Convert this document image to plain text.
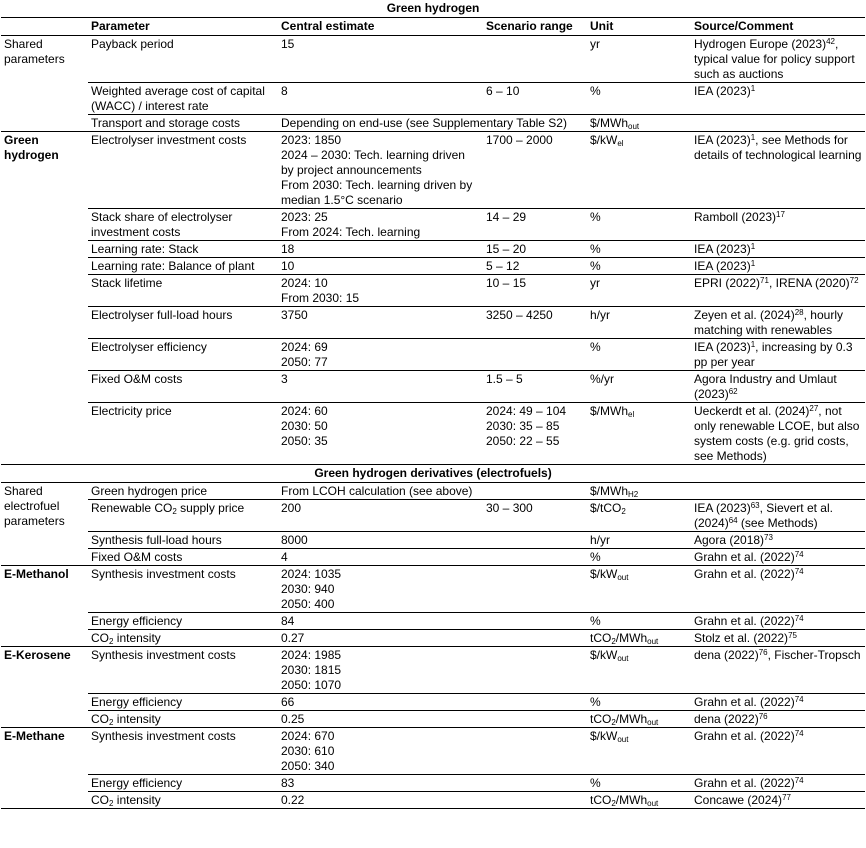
Green hydrogen					
	Parameter	Central estimate	Scenario range	Unit	Source/Comment
Shared parameters	Payback period	15		yr	Hydrogen Europe $(2023)^{42}$, typical value for policy support such as auctions
	Weighted average cost of capital (WACC) / interest rate	8	6 – 10	%	IEA $(2023)^1$
	Transport and storage costs	Depending on end-use (see Supplementary Table S2)		$/MWh$_{out}$	
Green hydrogen	Electrolyser investment costs	2023: 1850
2024 – 2030: Tech. learning driven by project announcements
From 2030: Tech. learning driven by median 1.5°C scenario	1700 – 2000	$\$/kW_{el}$	IEA $(2023)^1$, see Methods for details of technological learning
	Stack share of electrolyser investment costs	2023: 25
From 2024: Tech. learning	14 – 29	%	Ramboll $(2023)^{17}$
	Learning rate: Stack	18	15 – 20	%	IEA $(2023)^1$
	Learning rate: Balance of plant	10	5 – 12	%	IEA $(2023)^1$
	Stack lifetime	2024: 10
From 2030: 15	10 – 15	yr	EPRI $(2022)^{71}$, IRENA $(2020)^{72}$
	Electrolyser full-load hours	3750	3250 – 4250	h/yr	Zeyen et al. $(2024)^{28}$, hourly matching with renewables
	Electrolyser efficiency	2024: 69
2050: 77		%	IEA $(2023)^1$, increasing by 0.3 pp per year
	Fixed O&M costs	3	1.5 – 5	%/yr	Agora Industry and Umlaut $(2023)^{62}$
	Electricity price	2024: 60
2030: 50
2050: 35	2024: 49 – 104
2030: 35 – 85
2050: 22 – 55	$/MWh$_{el}$	Ueckerdt et al. $(2024)^{27}$, not only renewable LCOE, but also system costs (e.g. grid costs, see Methods)
Green hydrogen derivatives (electrofuels)					
Shared electrofuel parameters	Green hydrogen price	From LCOH calculation (see above)		$/MWh$_{H2}$	
	Renewable $CO_2$ supply price	200	30 – 300	$/tCO$_2$	IEA $(2023)^{63}$, Sievert et al. $(2024)^{64}$ (see Methods)
	Synthesis full-load hours	8000		h/yr	Agora $(2018)^{73}$
	Fixed O&M costs	4		%	Grahn et al. $(2022)^{74}$
E-Methanol	Synthesis investment costs	2024: 1035
2030: 940
2050: 400		$\$/kW_{out}$	Grahn et al. $(2022)^{74}$
	Energy efficiency	84		%	Grahn et al. $(2022)^{74}$
	$CO_2$ intensity	0.27		tCO$_2$/MWh$_{out}$	Stolz et al. $(2022)^{75}$
E-Kerosene	Synthesis investment costs	2024: 1985
2030: 1815
2050: 1070		$\$/kW_{out}$	dena $(2022)^{76}$, Fischer-Tropsch
	Energy efficiency	66		%	Grahn et al. $(2022)^{74}$
	$CO_2$ intensity	0.25		tCO$_2$/MWh$_{out}$	dena $(2022)^{76}$
E-Methane	Synthesis investment costs	2024: 670
2030: 610
2050: 340		$\$/kW_{out}$	Grahn et al. $(2022)^{74}$
	Energy efficiency	83		%	Grahn et al. $(2022)^{74}$
	$CO_2$ intensity	0.22		tCO$_2$/MWh$_{out}$	Concawe $(2024)^{77}$
